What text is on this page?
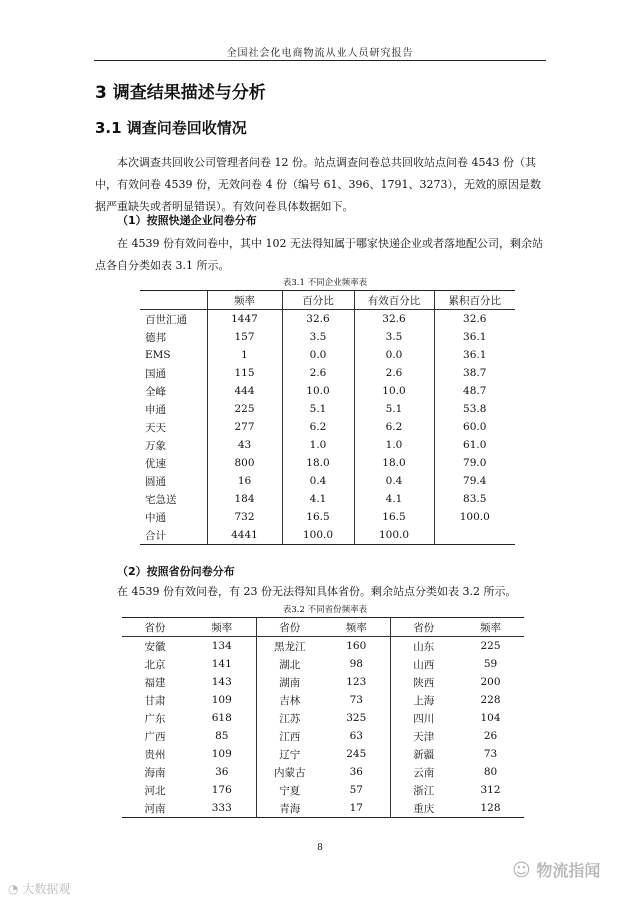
全国社会化电商物流从业人员研究报告
3 调查结果描述与分析
3.1 调查问卷回收情况

本次调查共回收公司管理者问卷 12 份。站点调查问卷总共回收站点问卷 4543 份（其中，有效问卷 4539 份，无效问卷 4 份（编号 61、396、1791、3273），无效的原因是数据严重缺失或者明显错误）。有效问卷具体数据如下。

（1）按照快递企业问卷分布

在 4539 份有效问卷中，其中 102 无法得知属于哪家快递企业或者落地配公司，剩余站点各自分类如表 3.1 所示。

表3.1 不同企业频率表
	频率	百分比	有效百分比	累积百分比
百世汇通	1447	32.6	32.6	32.6
德邦	157	3.5	3.5	36.1
EMS	1	0.0	0.0	36.1
国通	115	2.6	2.6	38.7
全峰	444	10.0	10.0	48.7
申通	225	5.1	5.1	53.8
天天	277	6.2	6.2	60.0
万象	43	1.0	1.0	61.0
优速	800	18.0	18.0	79.0
圆通	16	0.4	0.4	79.4
宅急送	184	4.1	4.1	83.5
中通	732	16.5	16.5	100.0
合计	4441	100.0	100.0	
（2）按照省份问卷分布

在 4539 份有效问卷，有 23 份无法得知具体省份。剩余站点分类如表 3.2 所示。

表3.2 不同省份频率表
省份	频率	省份	频率	省份	频率
安徽	134	黑龙江	160	山东	225
北京	141	湖北	98	山西	59
福建	143	湖南	123	陕西	200
甘肃	109	吉林	73	上海	228
广东	618	江苏	325	四川	104
广西	85	江西	63	天津	26
贵州	109	辽宁	245	新疆	73
海南	36	内蒙古	36	云南	80
河北	176	宁夏	57	浙江	312
河南	333	青海	17	重庆	128
8
◔ 大数据观
☺ 物流指闻
